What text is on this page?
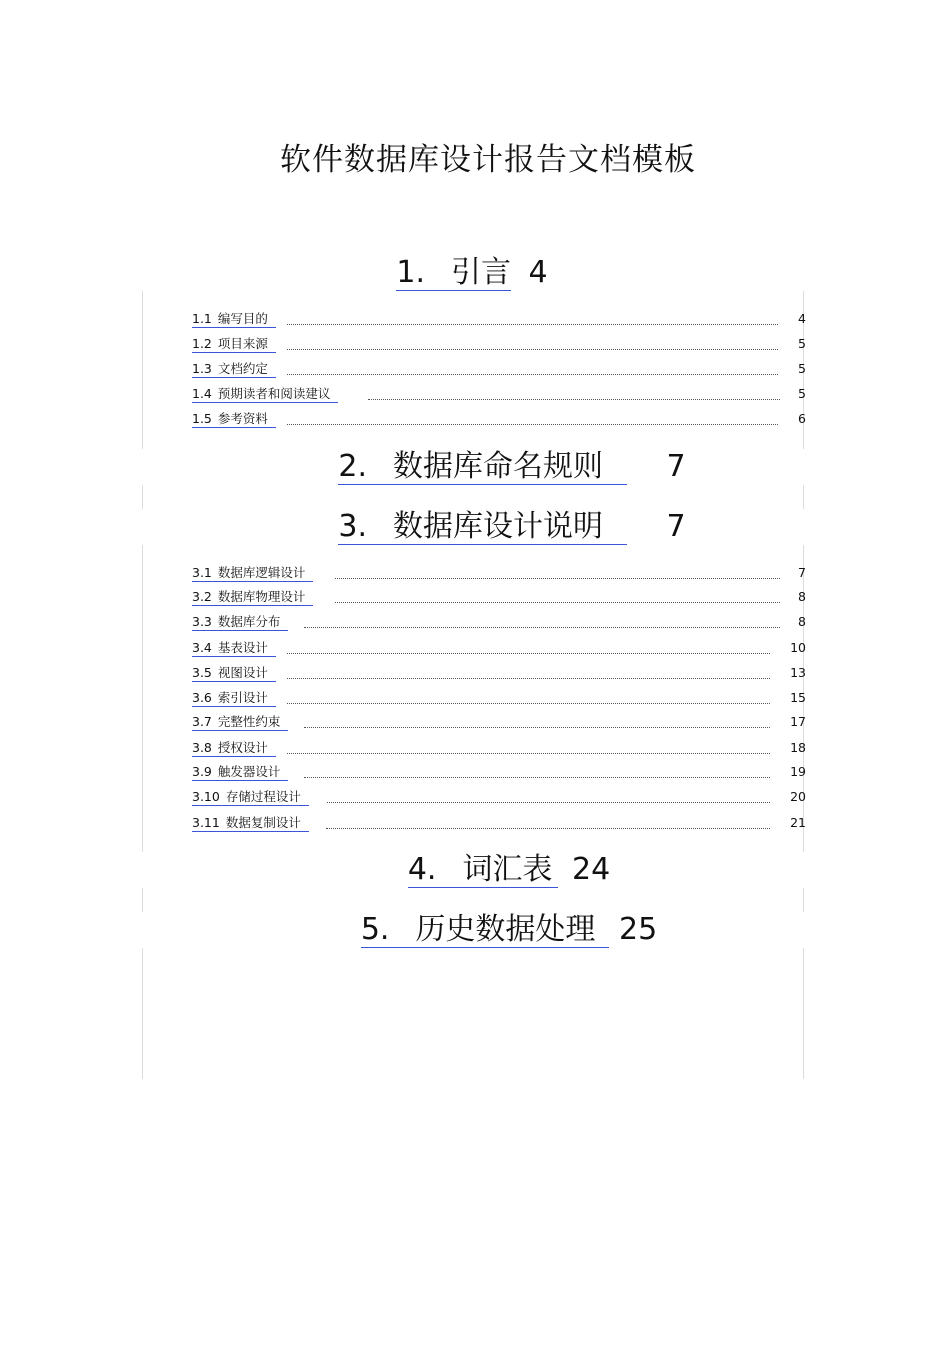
软件数据库设计报告文档模板
1. 引言 4
1.1 编写目的	4
1.2 项目来源	5
1.3 文档约定	5
1.4 预期读者和阅读建议	5
1.5 参考资料	6
2. 数据库命名规则 7
3. 数据库设计说明 7
3.1 数据库逻辑设计	7
3.2 数据库物理设计	8
3.3 数据库分布	8
3.4 基表设计	10
3.5 视图设计	13
3.6 索引设计	15
3.7 完整性约束	17
3.8 授权设计	18
3.9 触发器设计	19
3.10 存储过程设计	20
3.11 数据复制设计	21
4. 词汇表 24
5. 历史数据处理 25
